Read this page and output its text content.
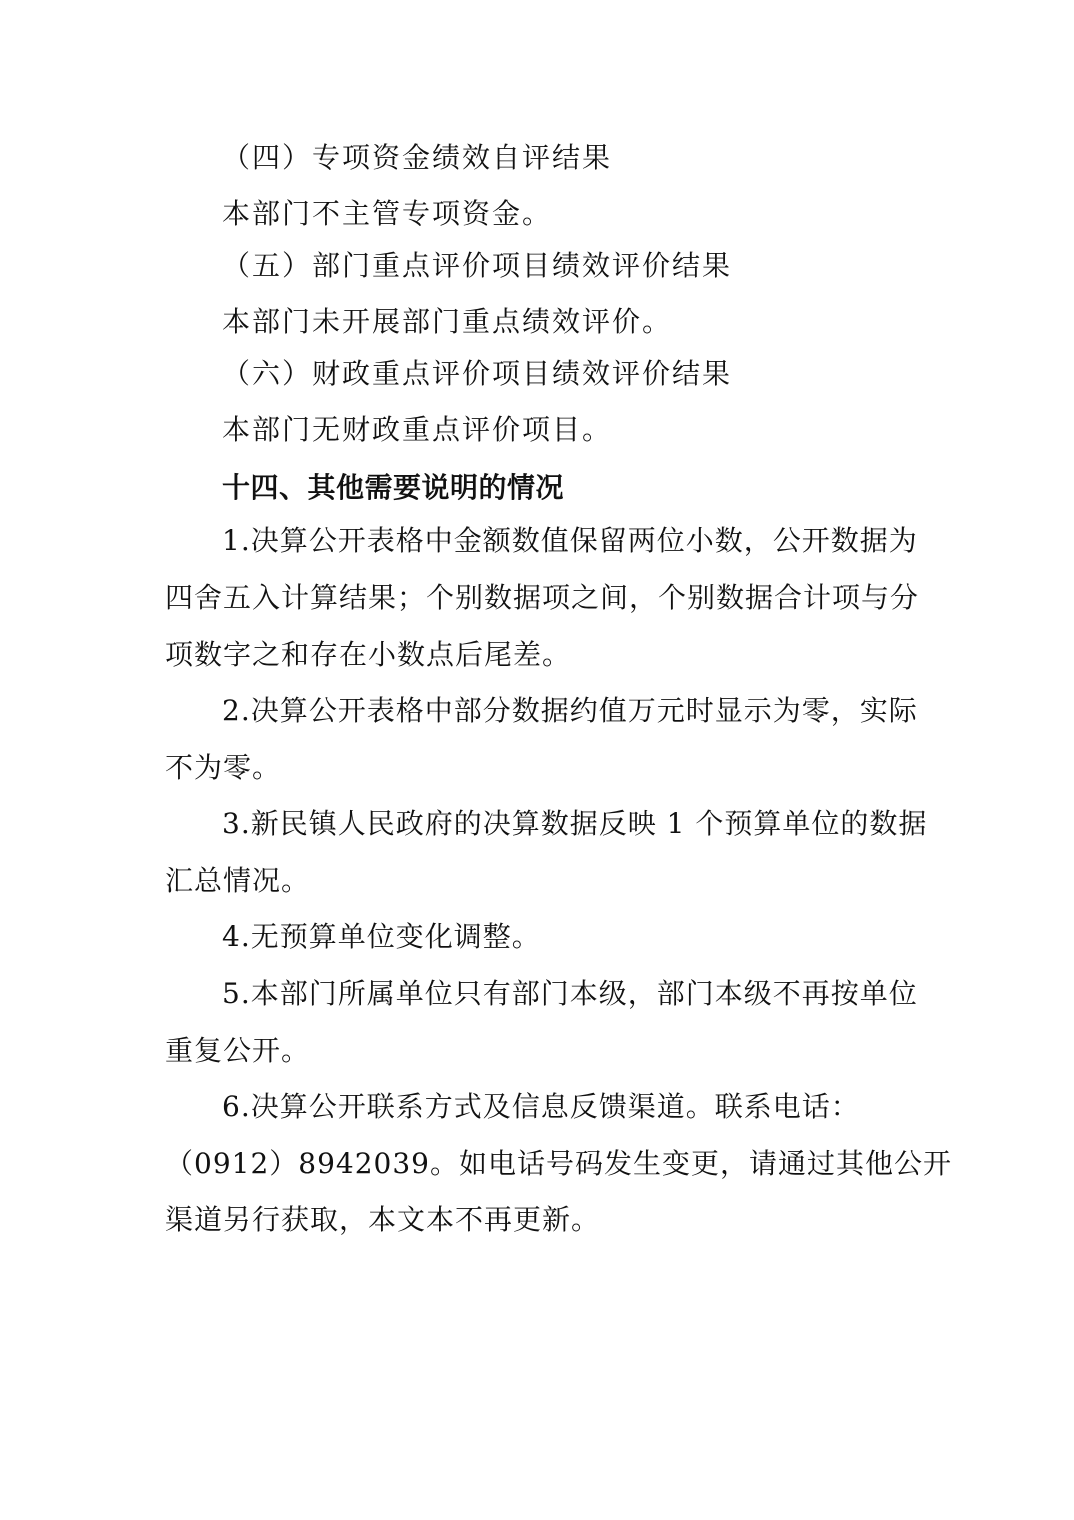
（四）专项资金绩效自评结果
本部门不主管专项资金。
（五）部门重点评价项目绩效评价结果
本部门未开展部门重点绩效评价。
（六）财政重点评价项目绩效评价结果
本部门无财政重点评价项目。
十四、其他需要说明的情况
1.决算公开表格中金额数值保留两位小数，公开数据为
四舍五入计算结果；个别数据项之间，个别数据合计项与分
项数字之和存在小数点后尾差。
2.决算公开表格中部分数据约值万元时显示为零，实际
不为零。
3.新民镇人民政府的决算数据反映 1 个预算单位的数据
汇总情况。
4.无预算单位变化调整。
5.本部门所属单位只有部门本级，部门本级不再按单位
重复公开。
6.决算公开联系方式及信息反馈渠道。联系电话：
（0912）8942039。如电话号码发生变更，请通过其他公开
渠道另行获取，本文本不再更新。
